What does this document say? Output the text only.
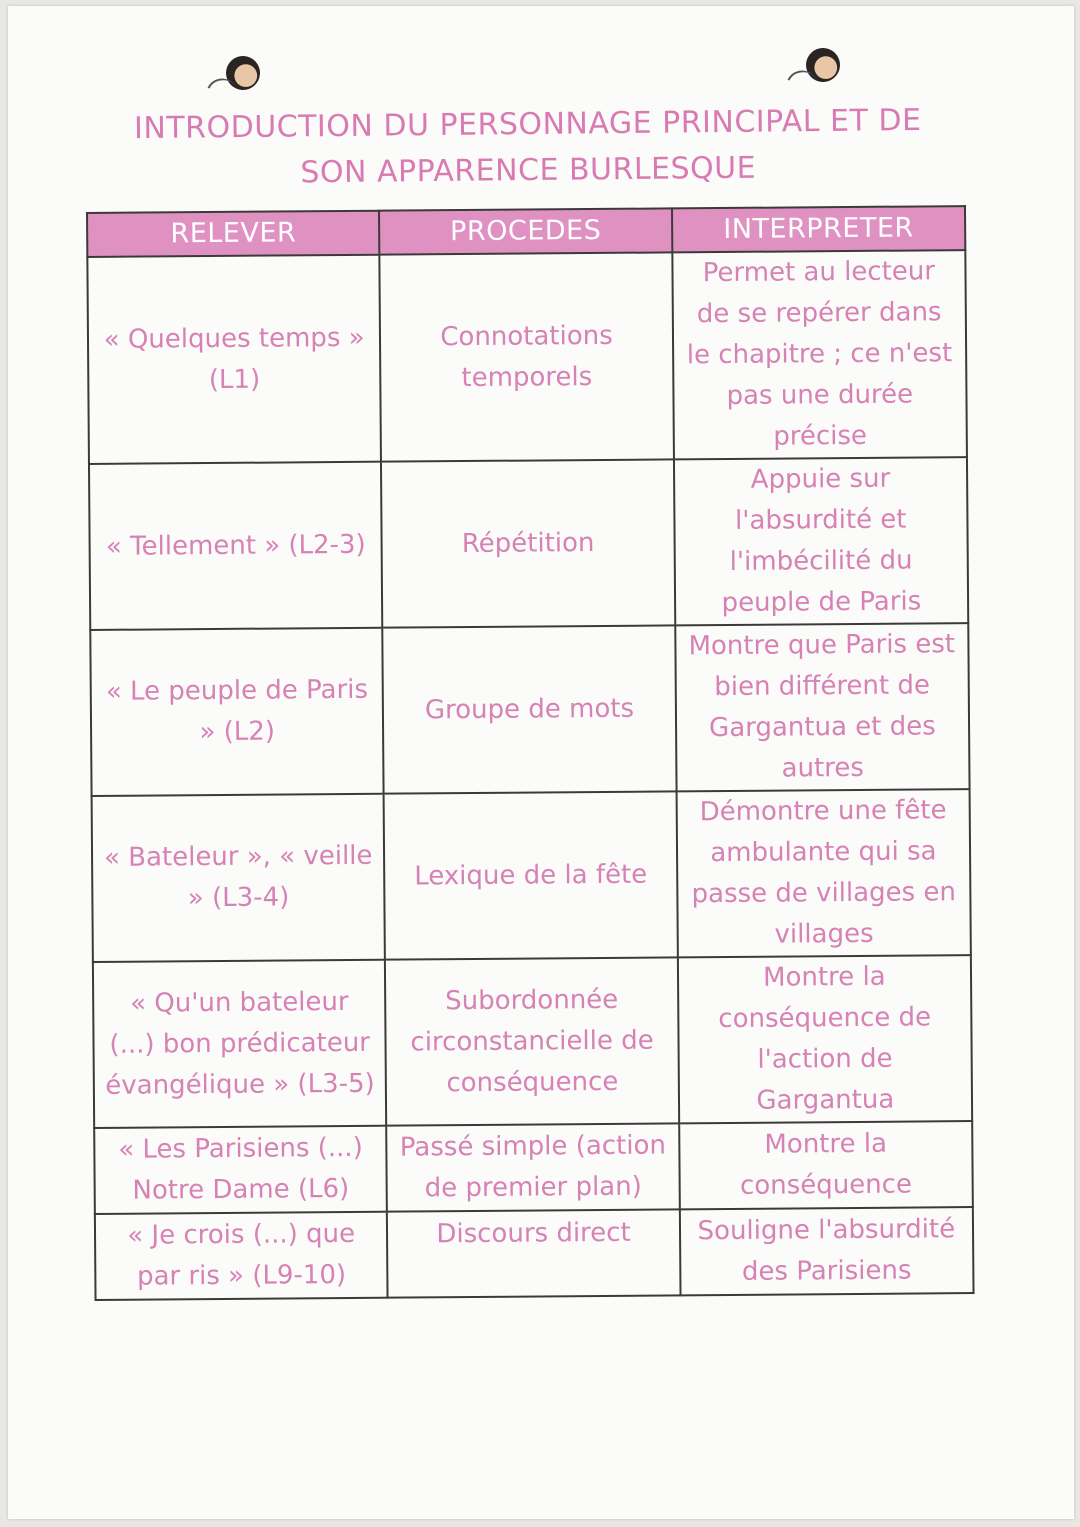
INTRODUCTION DU PERSONNAGE PRINCIPAL ET DE
SON APPARENCE BURLESQUE
RELEVER	PROCEDES	INTERPRETER
« Quelques temps » (L1)	Connotations temporels	Permet au lecteur de se repérer dans le chapitre ; ce n'est pas une durée précise
« Tellement » (L2-3)	Répétition	Appuie sur l'absurdité et l'imbécilité du peuple de Paris
« Le peuple de Paris » (L2)	Groupe de mots	Montre que Paris est bien différent de Gargantua et des autres
« Bateleur », « veille » (L3-4)	Lexique de la fête	Démontre une fête ambulante qui sa passe de villages en villages
« Qu'un bateleur (...) bon prédicateur évangélique » (L3-5)	Subordonnée circonstancielle de conséquence	Montre la conséquence de l'action de Gargantua
« Les Parisiens (...) Notre Dame (L6)	Passé simple (action de premier plan)	Montre la conséquence
« Je crois (...) que par ris » (L9-10)	Discours direct	Souligne l'absurdité des Parisiens
